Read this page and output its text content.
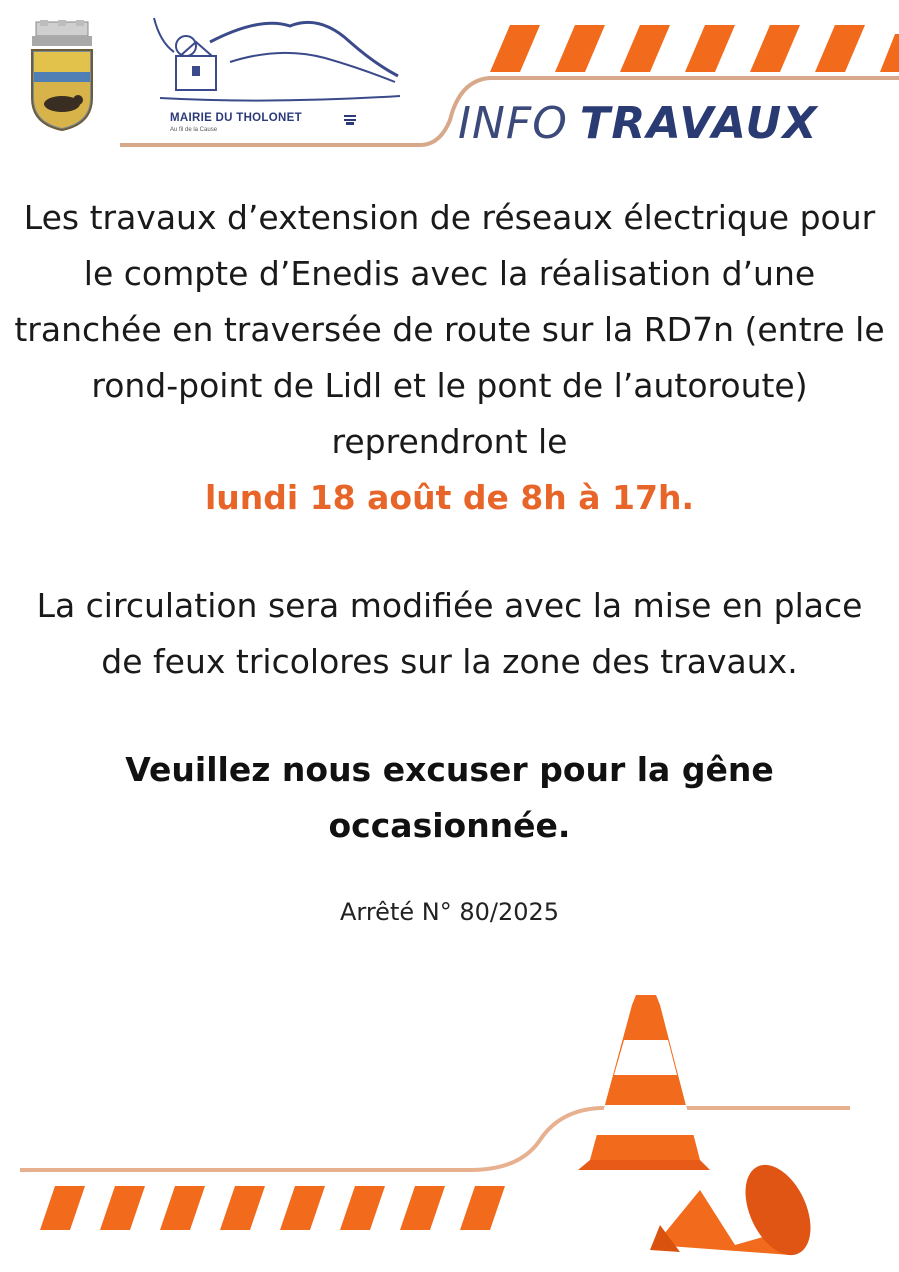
MAIRIE DU THOLONET
Au fil de la Cause	INFO TRAVAUX

Les travaux d’extension de réseaux électrique pour le compte d’Enedis avec la réalisation d’une tranchée en traversée de route sur la RD7n (entre le rond-point de Lidl et le pont de l’autoroute) reprendront le

lundi 18 août de 8h à 17h.

La circulation sera modifiée avec la mise en place de feux tricolores sur la zone des travaux.

Veuillez nous excuser pour la gêne occasionnée.

Arrêté N° 80/2025
